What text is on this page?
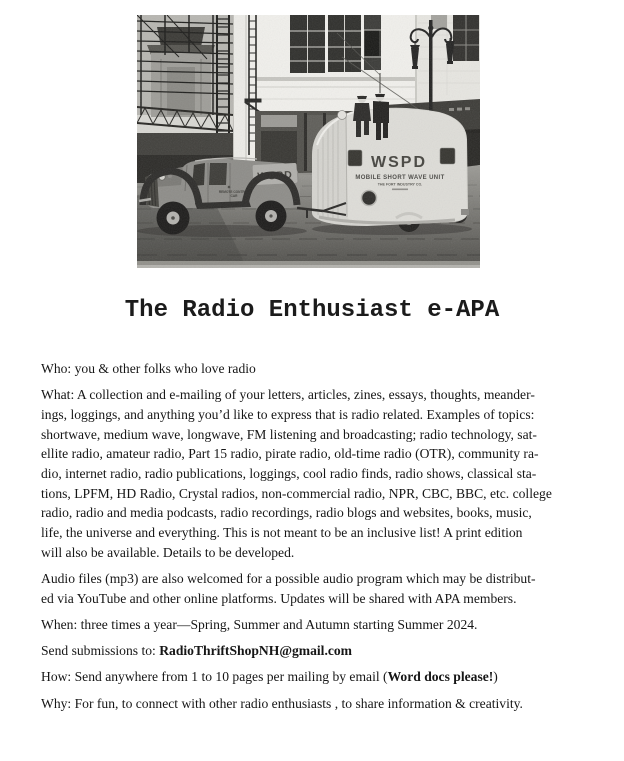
The Radio Enthusiast e-APA

Who: you & other folks who love radio

What: A collection and e-mailing of your letters, articles, zines, essays, thoughts, meander-
ings, loggings, and anything you’d like to express that is radio related. Examples of topics:
shortwave, medium wave, longwave, FM listening and broadcasting; radio technology, sat-
ellite radio, amateur radio, Part 15 radio, pirate radio, old-time radio (OTR), community ra-
dio, internet radio, radio publications, loggings, cool radio finds, radio shows, classical sta-
tions, LPFM, HD Radio, Crystal radios, non-commercial radio, NPR, CBC, BBC, etc. college
radio, radio and media podcasts, radio recordings, radio blogs and websites, books, music,
life, the universe and everything. This is not meant to be an inclusive list! A print edition
will also be available. Details to be developed.

Audio files (mp3) are also welcomed for a possible audio program which may be distribut-
ed via YouTube and other online platforms. Updates will be shared with APA members.

When: three times a year—Spring, Summer and Autumn starting Summer 2024.

Send submissions to: RadioThriftShopNH@gmail.com

How: Send anywhere from 1 to 10 pages per mailing by email (Word docs please!)

Why: For fun, to connect with other radio enthusiasts , to share information & creativity.
